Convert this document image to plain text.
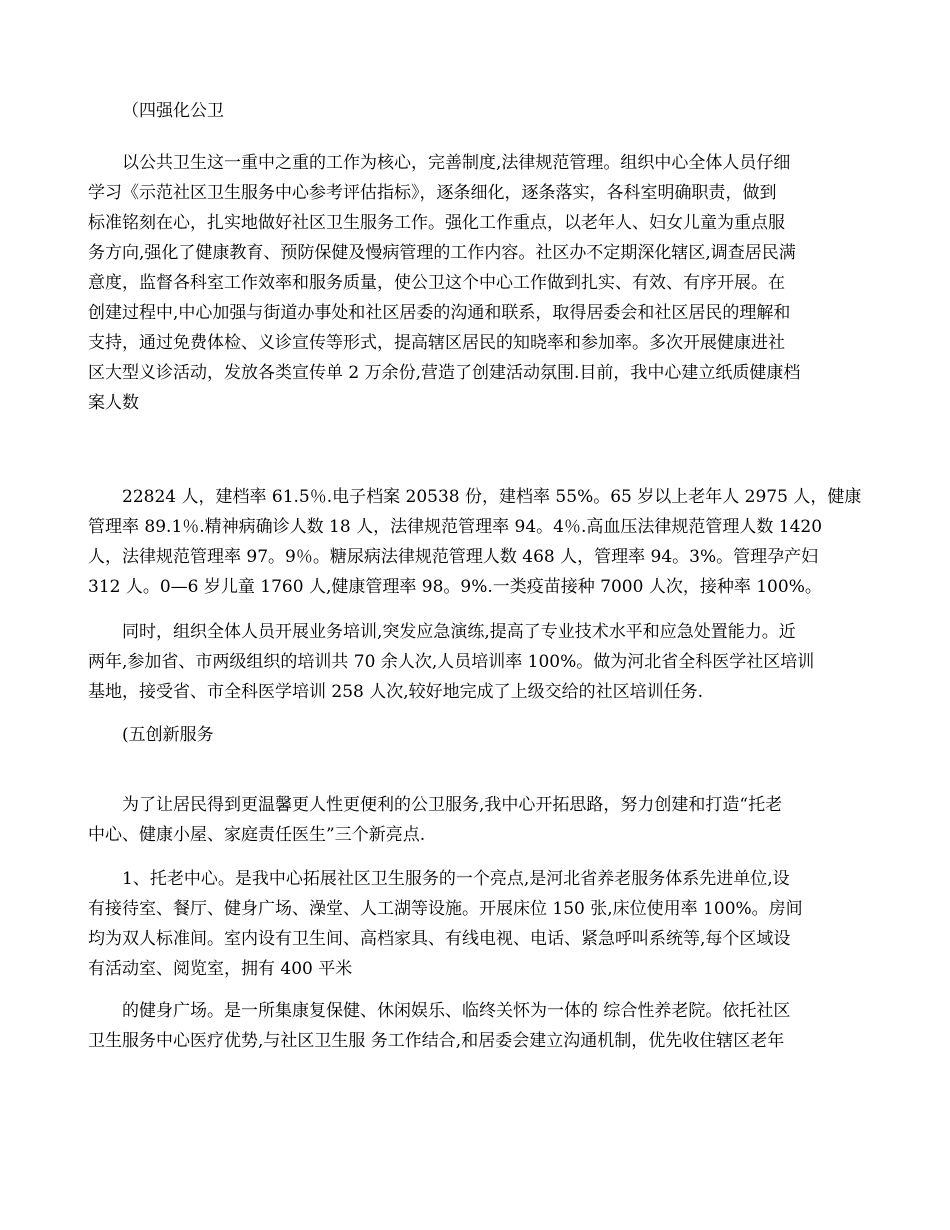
（四强化公卫
以公共卫生这一重中之重的工作为核心，完善制度,法律规范管理。组织中心全体人员仔细
学习《示范社区卫生服务中心参考评估指标》，逐条细化，逐条落实，各科室明确职责，做到
标准铭刻在心，扎实地做好社区卫生服务工作。强化工作重点，以老年人、妇女儿童为重点服
务方向,强化了健康教育、预防保健及慢病管理的工作内容。社区办不定期深化辖区,调查居民满
意度，监督各科室工作效率和服务质量，使公卫这个中心工作做到扎实、有效、有序开展。在
创建过程中,中心加强与街道办事处和社区居委的沟通和联系，取得居委会和社区居民的理解和
支持，通过免费体检、义诊宣传等形式，提高辖区居民的知晓率和参加率。多次开展健康进社
区大型义诊活动，发放各类宣传单 2 万余份,营造了创建活动氛围.目前，我中心建立纸质健康档
案人数
22824 人，建档率 61.5％.电子档案 20538 份，建档率 55%。65 岁以上老年人 2975 人，健康
管理率 89.1％.精神病确诊人数 18 人，法律规范管理率 94。4％.高血压法律规范管理人数 1420
人，法律规范管理率 97。9％。糖尿病法律规范管理人数 468 人，管理率 94。3%。管理孕产妇
312 人。0—6 岁儿童 1760 人,健康管理率 98。9%.一类疫苗接种 7000 人次，接种率 100%。
同时，组织全体人员开展业务培训,突发应急演练,提高了专业技术水平和应急处置能力。近
两年,参加省、市两级组织的培训共 70 余人次,人员培训率 100%。做为河北省全科医学社区培训
基地，接受省、市全科医学培训 258 人次,较好地完成了上级交给的社区培训任务.
(五创新服务
为了让居民得到更温馨更人性更便利的公卫服务,我中心开拓思路，努力创建和打造“托老
中心、健康小屋、家庭责任医生”三个新亮点.
1、托老中心。是我中心拓展社区卫生服务的一个亮点,是河北省养老服务体系先进单位,设
有接待室、餐厅、健身广场、澡堂、人工湖等设施。开展床位 150 张,床位使用率 100%。房间
均为双人标准间。室内设有卫生间、高档家具、有线电视、电话、紧急呼叫系统等,每个区域设
有活动室、阅览室，拥有 400 平米
的健身广场。是一所集康复保健、休闲娱乐、临终关怀为一体的 综合性养老院。依托社区
卫生服务中心医疗优势,与社区卫生服 务工作结合,和居委会建立沟通机制，优先收住辖区老年
